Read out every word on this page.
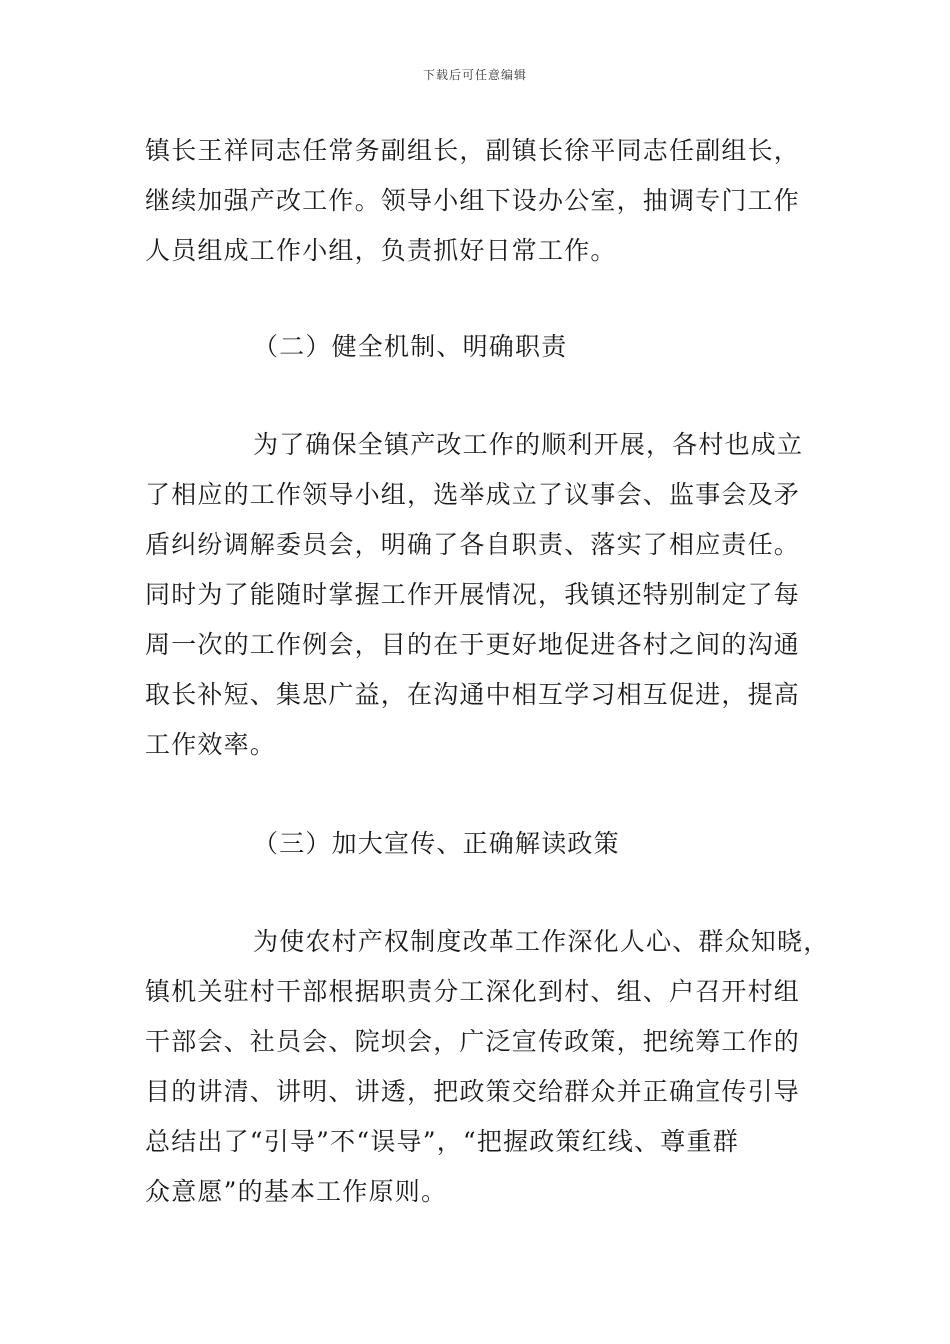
下载后可任意编辑

镇长王祥同志任常务副组长，副镇长徐平同志任副组长，
继续加强产改工作。领导小组下设办公室，抽调专门工作
人员组成工作小组，负责抓好日常工作。

（二）健全机制、明确职责

为了确保全镇产改工作的顺利开展，各村也成立
了相应的工作领导小组，选举成立了议事会、监事会及矛
盾纠纷调解委员会，明确了各自职责、落实了相应责任。
同时为了能随时掌握工作开展情况，我镇还特别制定了每
周一次的工作例会，目的在于更好地促进各村之间的沟通
取长补短、集思广益，在沟通中相互学习相互促进，提高
工作效率。

（三）加大宣传、正确解读政策

为使农村产权制度改革工作深化人心、群众知晓，
镇机关驻村干部根据职责分工深化到村、组、户召开村组
干部会、社员会、院坝会，广泛宣传政策，把统筹工作的
目的讲清、讲明、讲透，把政策交给群众并正确宣传引导
总结出了“引导”不“误导”，“把握政策红线、尊重群
众意愿”的基本工作原则。
